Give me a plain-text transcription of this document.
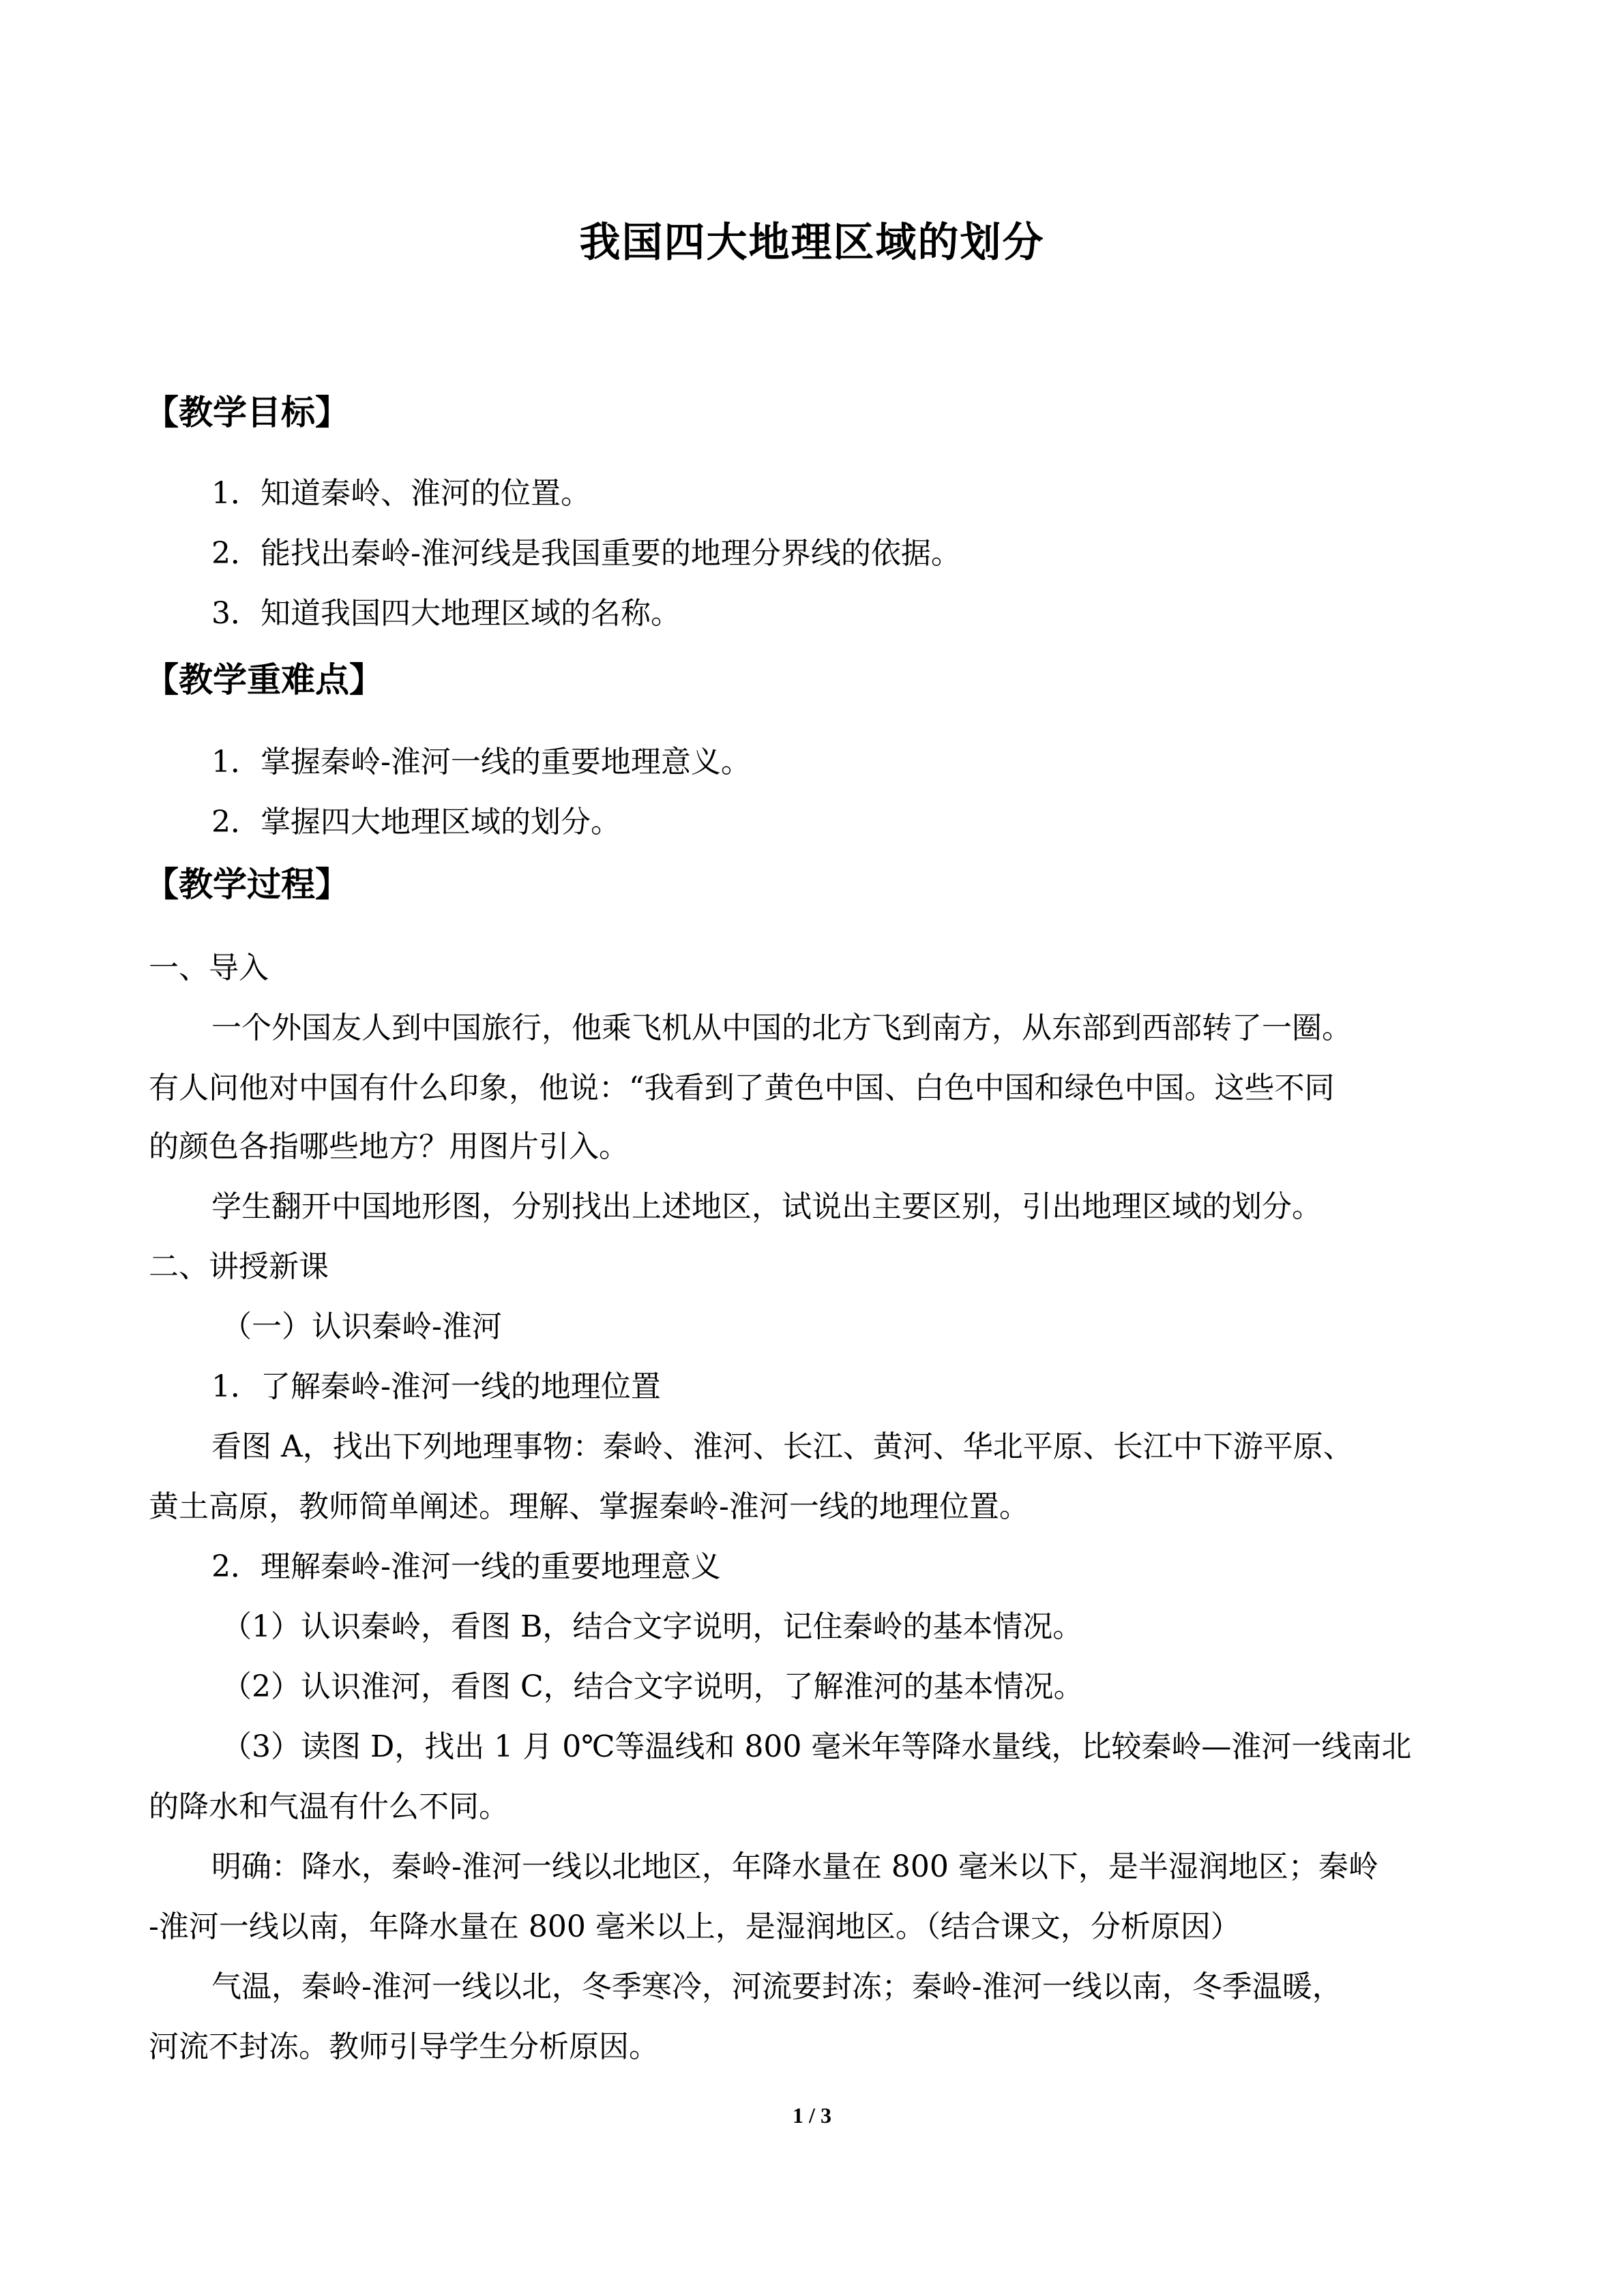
我国四大地理区域的划分
【教学目标】
1．知道秦岭、淮河的位置。
2．能找出秦岭-淮河线是我国重要的地理分界线的依据。
3．知道我国四大地理区域的名称。
【教学重难点】
1．掌握秦岭-淮河一线的重要地理意义。
2．掌握四大地理区域的划分。
【教学过程】
一、导入
一个外国友人到中国旅行，他乘飞机从中国的北方飞到南方，从东部到西部转了一圈。
有人问他对中国有什么印象，他说：“我看到了黄色中国、白色中国和绿色中国。这些不同
的颜色各指哪些地方？用图片引入。
学生翻开中国地形图，分别找出上述地区，试说出主要区别，引出地理区域的划分。
二、讲授新课
（一）认识秦岭-淮河
1．了解秦岭-淮河一线的地理位置
看图 A，找出下列地理事物：秦岭、淮河、长江、黄河、华北平原、长江中下游平原、
黄土高原，教师简单阐述。理解、掌握秦岭-淮河一线的地理位置。
2．理解秦岭-淮河一线的重要地理意义
（1）认识秦岭，看图 B，结合文字说明，记住秦岭的基本情况。
（2）认识淮河，看图 C，结合文字说明，了解淮河的基本情况。
（3）读图 D，找出 1 月 0℃等温线和 800 毫米年等降水量线，比较秦岭—淮河一线南北
的降水和气温有什么不同。
明确：降水，秦岭-淮河一线以北地区，年降水量在 800 毫米以下，是半湿润地区；秦岭
-淮河一线以南，年降水量在 800 毫米以上，是湿润地区。（结合课文，分析原因）
气温，秦岭-淮河一线以北，冬季寒冷，河流要封冻；秦岭-淮河一线以南，冬季温暖，
河流不封冻。教师引导学生分析原因。
1 / 3
